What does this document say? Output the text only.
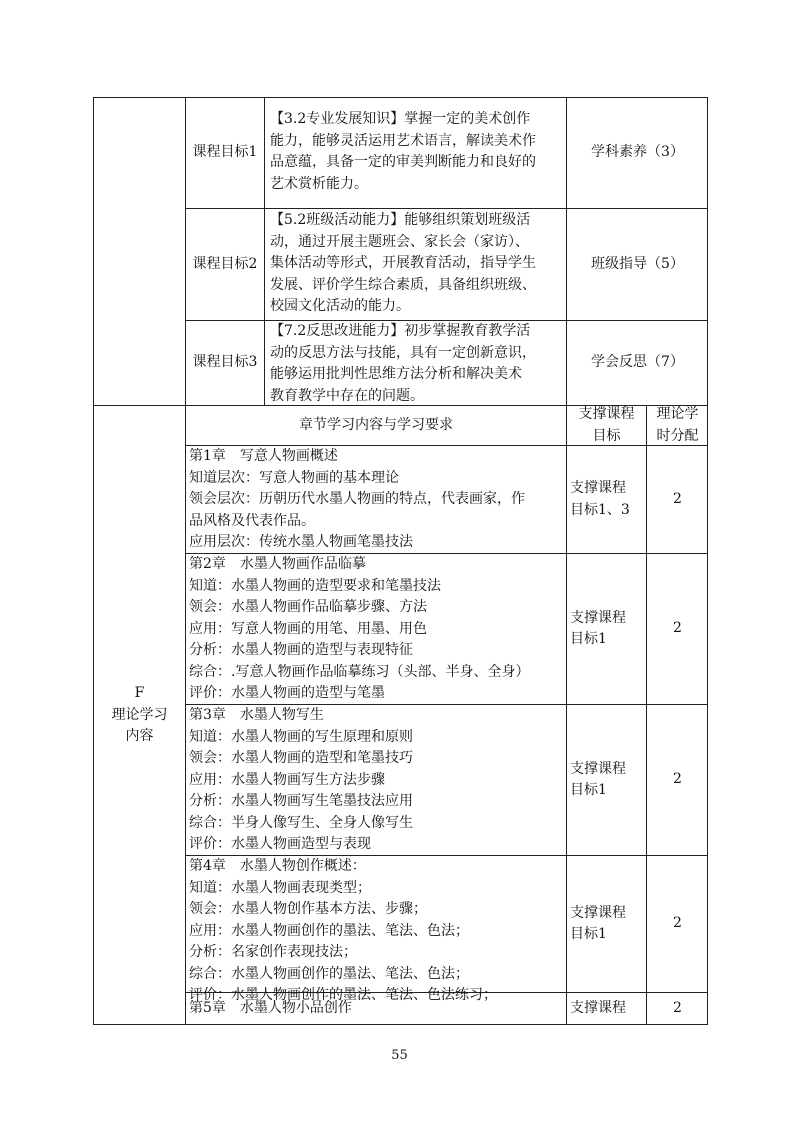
课程目标1
【3.2专业发展知识】掌握一定的美术创作
能力，能够灵活运用艺术语言，解读美术作
品意蕴，具备一定的审美判断能力和良好的
艺术赏析能力。
学科素养（3）
课程目标2
【5.2班级活动能力】能够组织策划班级活
动，通过开展主题班会、家长会（家访）、
集体活动等形式，开展教育活动，指导学生
发展、评价学生综合素质，具备组织班级、
校园文化活动的能力。
班级指导（5）
课程目标3
【7.2反思改进能力】初步掌握教育教学活
动的反思方法与技能，具有一定创新意识，
能够运用批判性思维方法分析和解决美术
教育教学中存在的问题。
学会反思（7）
F
理论学习
内容
章节学习内容与学习要求
支撑课程
目标
理论学
时分配
第1章　写意人物画概述
知道层次：写意人物画的基本理论
领会层次：历朝历代水墨人物画的特点，代表画家，作
品风格及代表作品。
应用层次：传统水墨人物画笔墨技法
支撑课程
目标1、3
2
第2章　水墨人物画作品临摹
知道：水墨人物画的造型要求和笔墨技法
领会：水墨人物画作品临摹步骤、方法
应用：写意人物画的用笔、用墨、用色
分析：水墨人物画的造型与表现特征
综合：.写意人物画作品临摹练习（头部、半身、全身）
评价：水墨人物画的造型与笔墨
支撑课程
目标1
2
第3章　水墨人物写生
知道：水墨人物画的写生原理和原则
领会：水墨人物画的造型和笔墨技巧
应用：水墨人物画写生方法步骤
分析：水墨人物画写生笔墨技法应用
综合：半身人像写生、全身人像写生
评价：水墨人物画造型与表现
支撑课程
目标1
2
第4章　水墨人物创作概述：
知道：水墨人物画表现类型；
领会：水墨人物创作基本方法、步骤；
应用：水墨人物画创作的墨法、笔法、色法；
分析：名家创作表现技法；
综合：水墨人物画创作的墨法、笔法、色法；
评价：水墨人物画创作的墨法、笔法、色法练习；
支撑课程
目标1
2
第5章　水墨人物小品创作	支撑课程	2
55
